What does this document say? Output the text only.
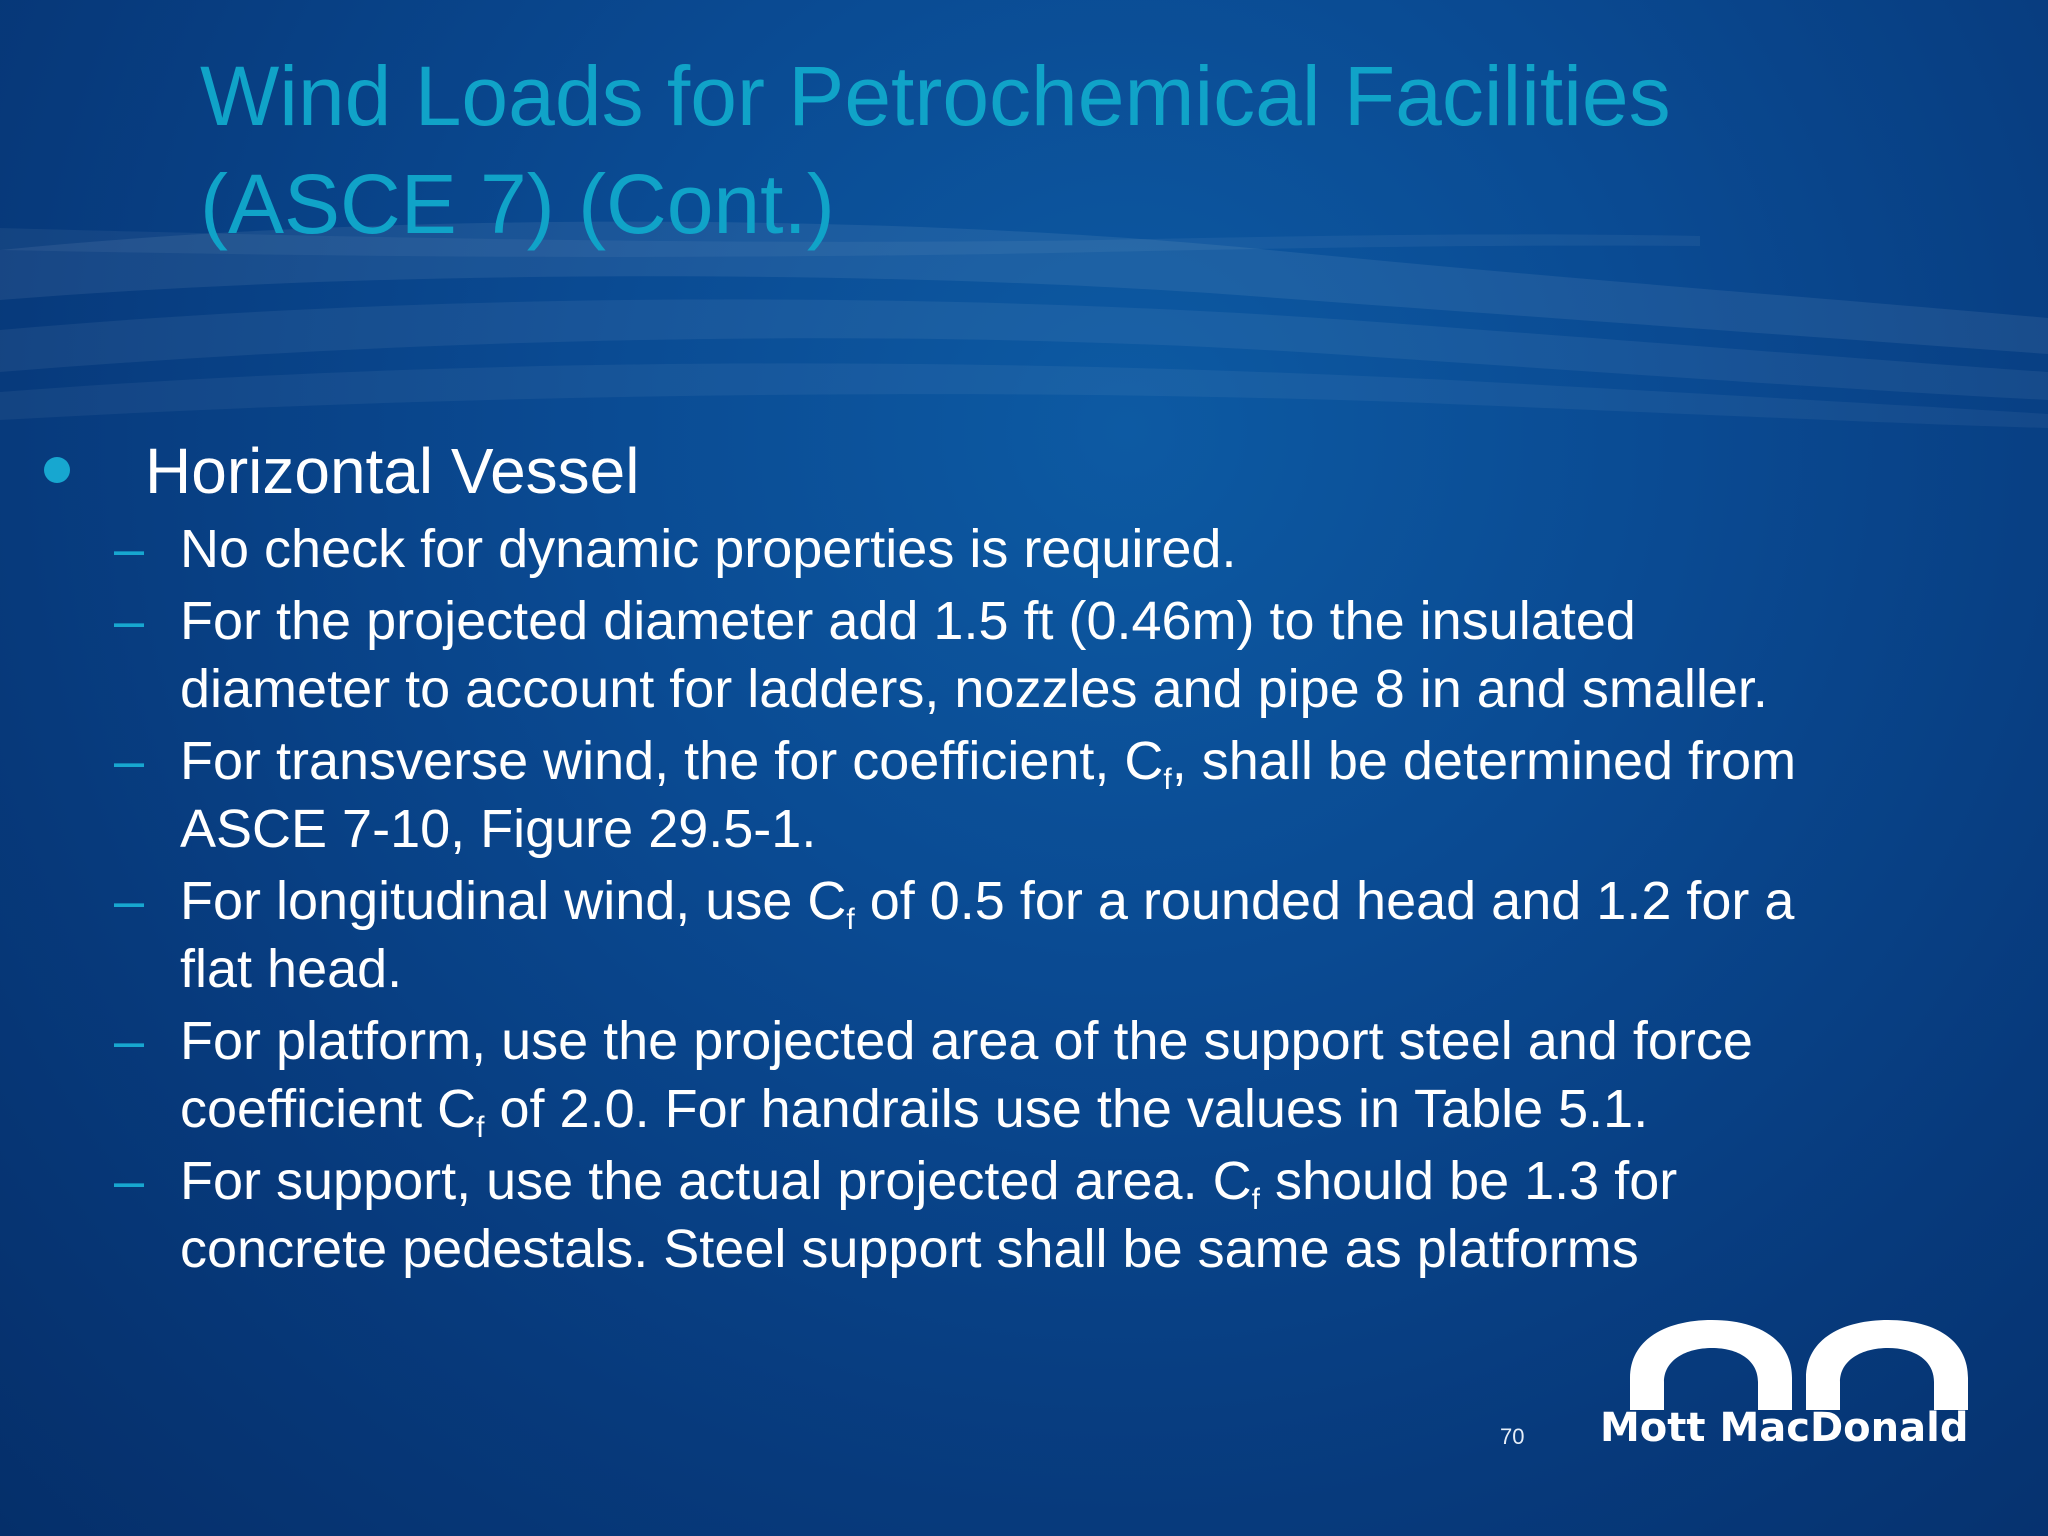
Wind Loads for Petrochemical Facilities
(ASCE 7) (Cont.)
Horizontal Vessel
– No check for dynamic properties is required.
– For the projected diameter add 1.5 ft (0.46m) to the insulated diameter to account for ladders, nozzles and pipe 8 in and smaller.
– For transverse wind, the for coefficient, $C_f$, shall be determined from ASCE 7-10, Figure 29.5-1.
– For longitudinal wind, use $C_f$ of 0.5 for a rounded head and 1.2 for a flat head.
– For platform, use the projected area of the support steel and force coefficient $C_f$ of 2.0. For handrails use the values in Table 5.1.
– For support, use the actual projected area. $C_f$ should be 1.3 for concrete pedestals. Steel support shall be same as platforms
Mott MacDonald
70
